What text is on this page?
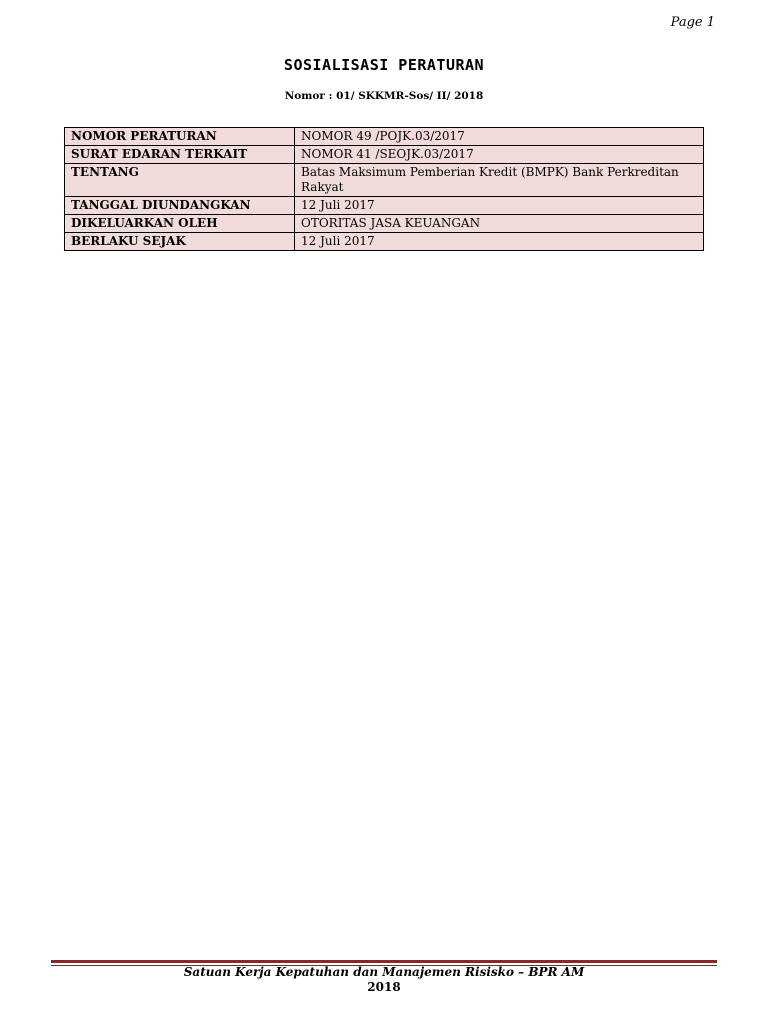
Page 1
SOSIALISASI PERATURAN
Nomor : 01/ SKKMR-Sos/ II/ 2018
NOMOR PERATURAN	NOMOR 49 /POJK.03/2017
SURAT EDARAN TERKAIT	NOMOR 41 /SEOJK.03/2017
TENTANG	Batas Maksimum Pemberian Kredit (BMPK) Bank Perkreditan Rakyat
TANGGAL DIUNDANGKAN	12 Juli 2017
DIKELUARKAN OLEH	OTORITAS JASA KEUANGAN
BERLAKU SEJAK	12 Juli 2017
Satuan Kerja Kepatuhan dan Manajemen Risisko – BPR AM
2018
